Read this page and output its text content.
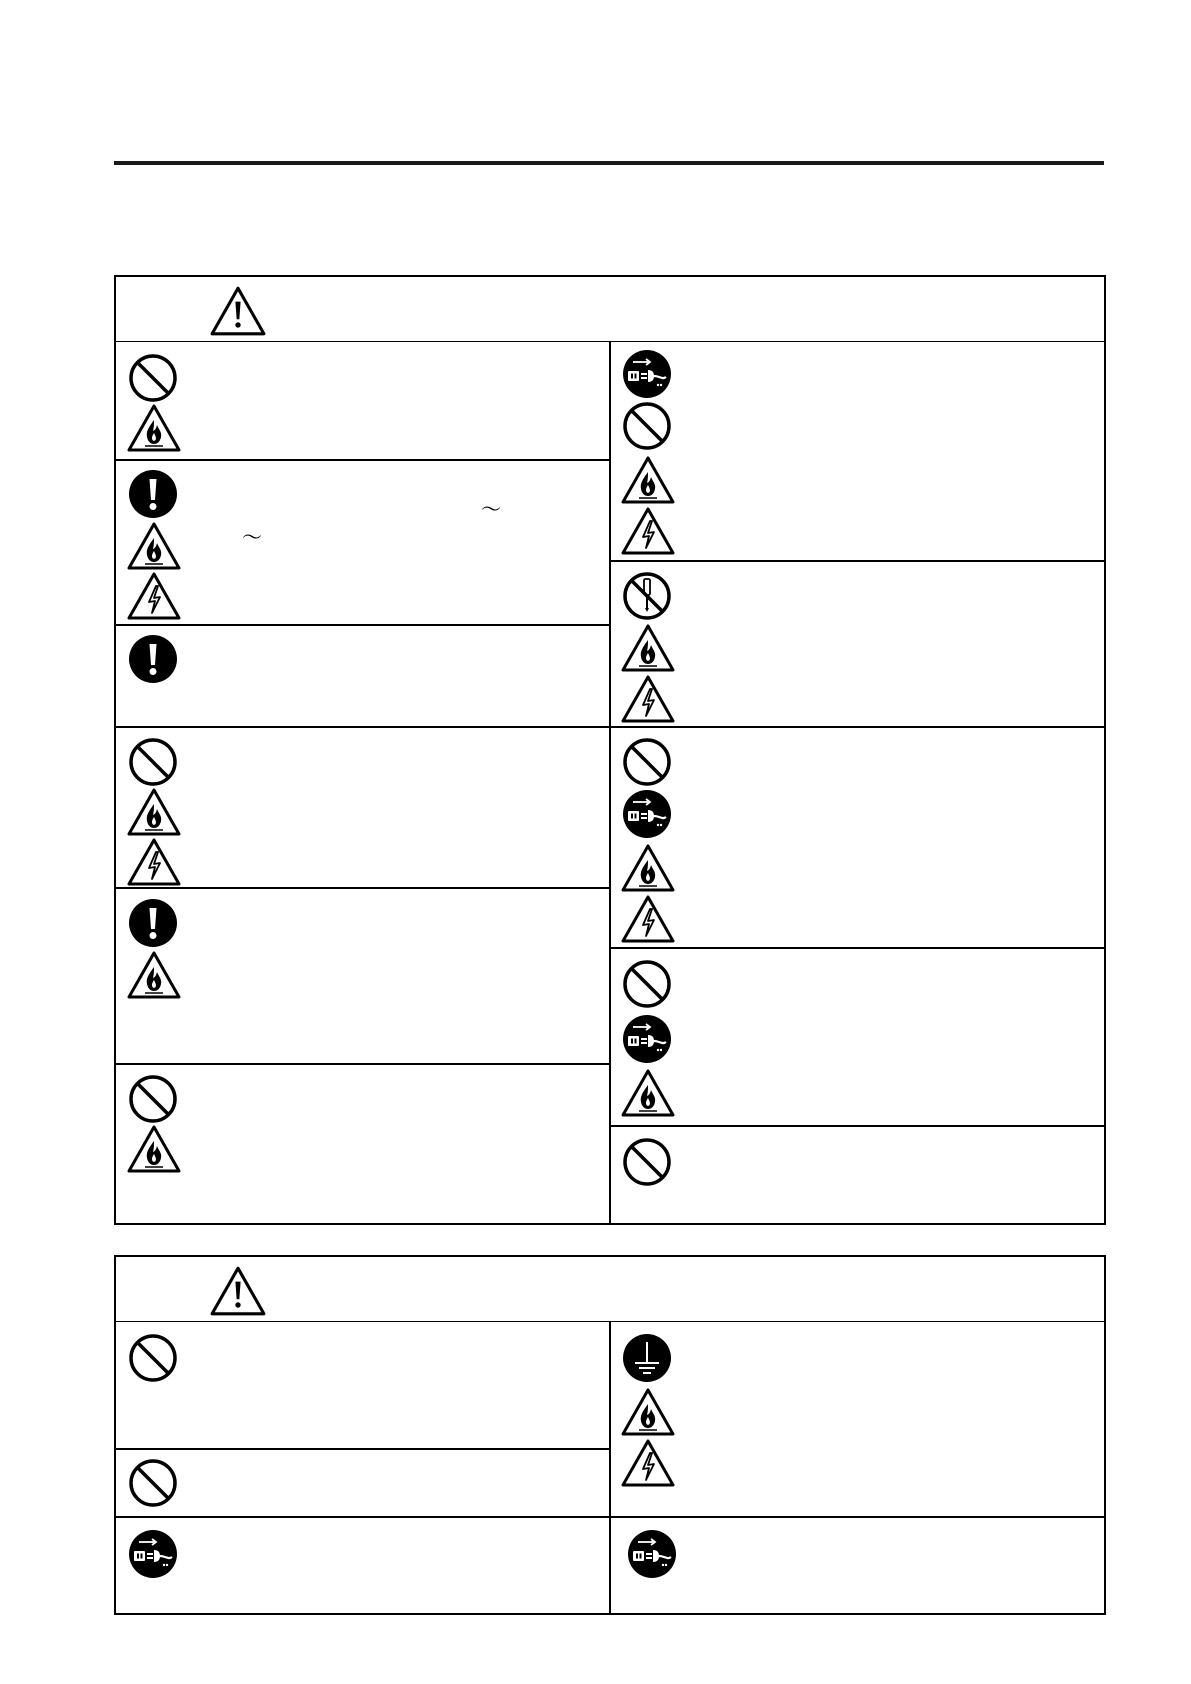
～
～
